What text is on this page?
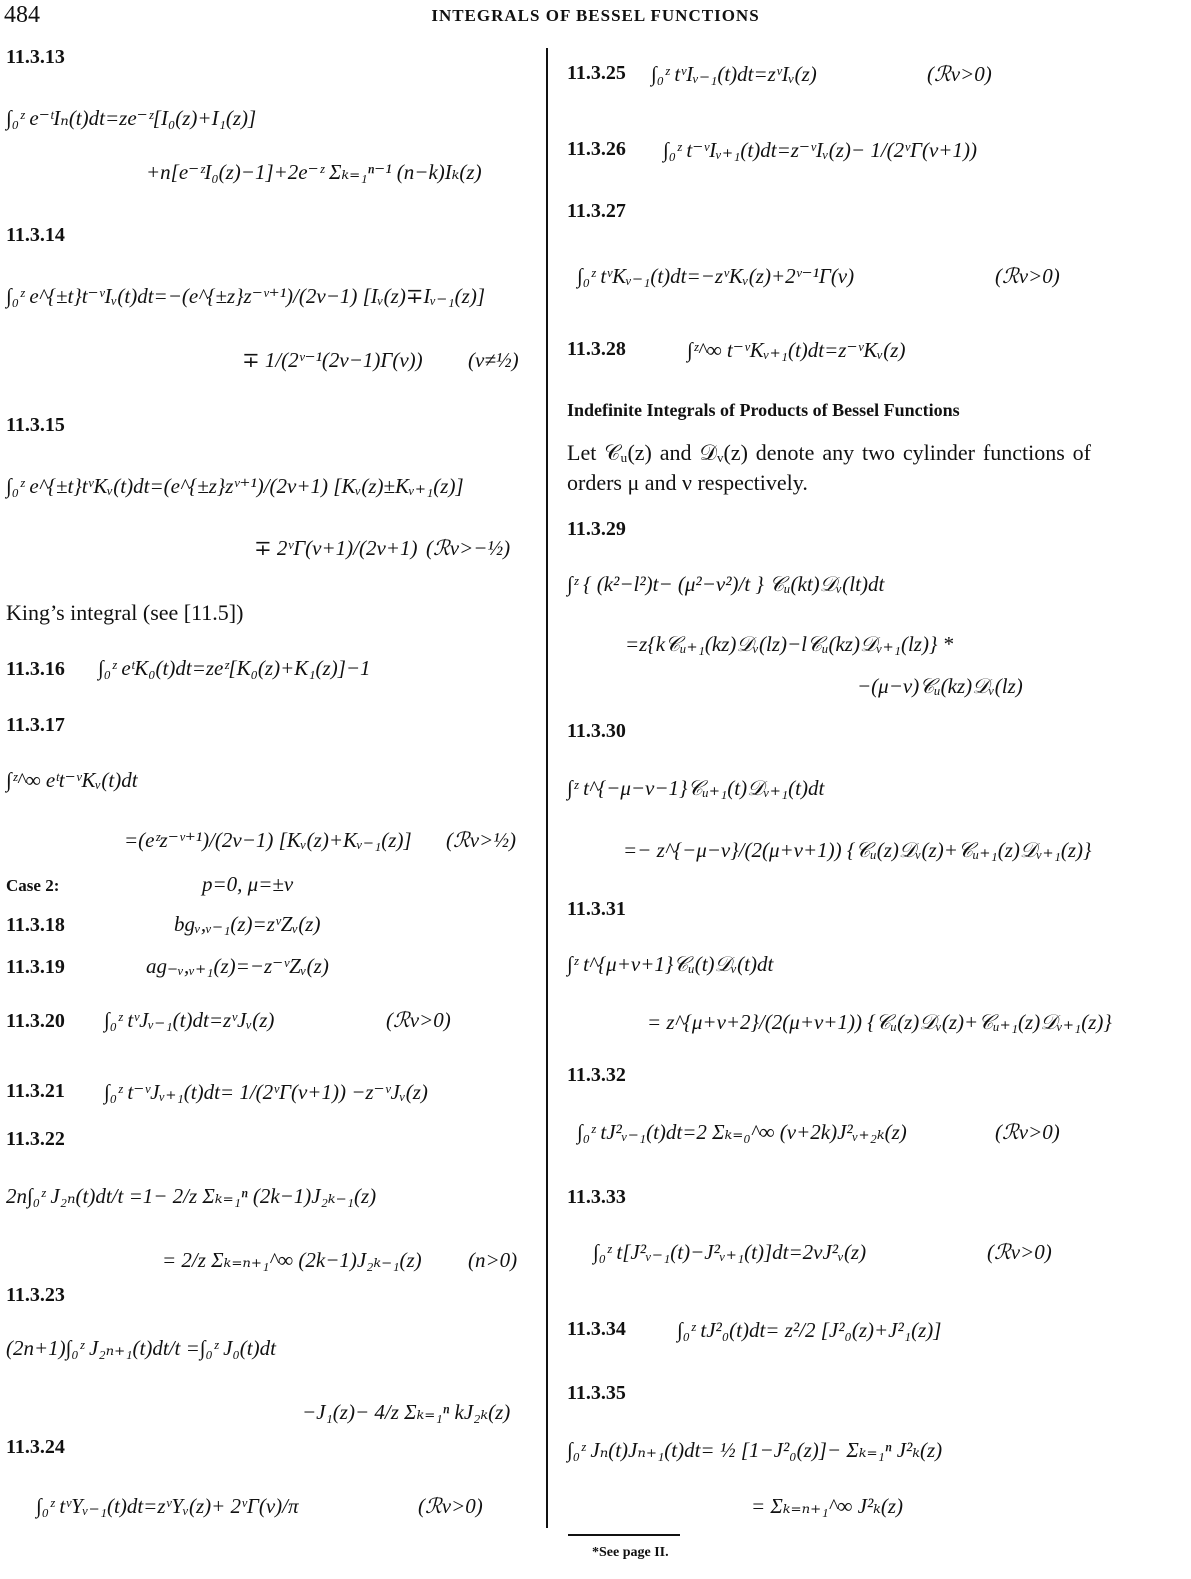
484	INTEGRALS OF BESSEL FUNCTIONS
11.3.13
∫₀ᶻ e⁻ᵗIₙ(t)dt=ze⁻ᶻ[I₀(z)+I₁(z)]
+n[e⁻ᶻI₀(z)−1]+2e⁻ᶻ Σₖ₌₁ⁿ⁻¹ (n−k)Iₖ(z)
11.3.14
∫₀ᶻ e^{±t}t⁻ᵛIᵥ(t)dt=−(e^{±z}z⁻ᵛ⁺¹)/(2ν−1) [Iᵥ(z)∓Iᵥ₋₁(z)]
∓ 1/(2ᵛ⁻¹(2ν−1)Γ(ν)) (ν≠½)
11.3.15
∫₀ᶻ e^{±t}tᵛKᵥ(t)dt=(e^{±z}zᵛ⁺¹)/(2ν+1) [Kᵥ(z)±Kᵥ₊₁(z)]
∓ 2ᵛΓ(ν+1)/(2ν+1) (ℛν>−½)
King’s integral (see [11.5])
11.3.16 ∫₀ᶻ eᵗK₀(t)dt=zeᶻ[K₀(z)+K₁(z)]−1
11.3.17
∫ᶻ^∞ eᵗt⁻ᵛKᵥ(t)dt
=(eᶻz⁻ᵛ⁺¹)/(2ν−1) [Kᵥ(z)+Kᵥ₋₁(z)] (ℛν>½)
Case 2:	p=0, μ=±ν
11.3.18	bgᵥ,ᵥ₋₁(z)=zᵛZᵥ(z)
11.3.19	ag₋ᵥ,ᵥ₊₁(z)=−z⁻ᵛZᵥ(z)
11.3.20 ∫₀ᶻ tᵛJᵥ₋₁(t)dt=zᵛJᵥ(z)	(ℛν>0)
11.3.21 ∫₀ᶻ t⁻ᵛJᵥ₊₁(t)dt= 1/(2ᵛΓ(ν+1)) −z⁻ᵛJᵥ(z)
11.3.22
2n∫₀ᶻ J₂ₙ(t)dt/t =1− 2/z Σₖ₌₁ⁿ (2k−1)J₂ₖ₋₁(z)
= 2/z Σₖ₌ₙ₊₁^∞ (2k−1)J₂ₖ₋₁(z) (n>0)
11.3.23
(2n+1)∫₀ᶻ J₂ₙ₊₁(t)dt/t =∫₀ᶻ J₀(t)dt
−J₁(z)− 4/z Σₖ₌₁ⁿ kJ₂ₖ(z)
11.3.24
∫₀ᶻ tᵛYᵥ₋₁(t)dt=zᵛYᵥ(z)+ 2ᵛΓ(ν)/π	(ℛν>0)
11.3.25 ∫₀ᶻ tᵛIᵥ₋₁(t)dt=zᵛIᵥ(z)	(ℛν>0)
11.3.26 ∫₀ᶻ t⁻ᵛIᵥ₊₁(t)dt=z⁻ᵛIᵥ(z)− 1/(2ᵛΓ(ν+1))
11.3.27
∫₀ᶻ tᵛKᵥ₋₁(t)dt=−zᵛKᵥ(z)+2ᵛ⁻¹Γ(ν)	(ℛν>0)
11.3.28	∫ᶻ^∞ t⁻ᵛKᵥ₊₁(t)dt=z⁻ᵛKᵥ(z)
Indefinite Integrals of Products of Bessel Functions
Let 𝒞ᵤ(z) and 𝒟ᵥ(z) denote any two cylinder functions of orders μ and ν respectively.
11.3.29
∫ᶻ { (k²−l²)t− (μ²−ν²)/t } 𝒞ᵤ(kt)𝒟ᵥ(lt)dt
=z{k𝒞ᵤ₊₁(kz)𝒟ᵥ(lz)−l𝒞ᵤ(kz)𝒟ᵥ₊₁(lz)} *
−(μ−ν)𝒞ᵤ(kz)𝒟ᵥ(lz)
11.3.30
∫ᶻ t^{−μ−ν−1}𝒞ᵤ₊₁(t)𝒟ᵥ₊₁(t)dt
=− z^{−μ−ν}/(2(μ+ν+1)) {𝒞ᵤ(z)𝒟ᵥ(z)+𝒞ᵤ₊₁(z)𝒟ᵥ₊₁(z)}
11.3.31
∫ᶻ t^{μ+ν+1}𝒞ᵤ(t)𝒟ᵥ(t)dt
= z^{μ+ν+2}/(2(μ+ν+1)) {𝒞ᵤ(z)𝒟ᵥ(z)+𝒞ᵤ₊₁(z)𝒟ᵥ₊₁(z)}
11.3.32
∫₀ᶻ tJ²ᵥ₋₁(t)dt=2 Σₖ₌₀^∞ (ν+2k)J²ᵥ₊₂ₖ(z)	(ℛν>0)
11.3.33
∫₀ᶻ t[J²ᵥ₋₁(t)−J²ᵥ₊₁(t)]dt=2νJ²ᵥ(z)	(ℛν>0)
11.3.34 ∫₀ᶻ tJ²₀(t)dt= z²/2 [J²₀(z)+J²₁(z)]
11.3.35
∫₀ᶻ Jₙ(t)Jₙ₊₁(t)dt= ½ [1−J²₀(z)]− Σₖ₌₁ⁿ J²ₖ(z)
= Σₖ₌ₙ₊₁^∞ J²ₖ(z)
*See page II.
